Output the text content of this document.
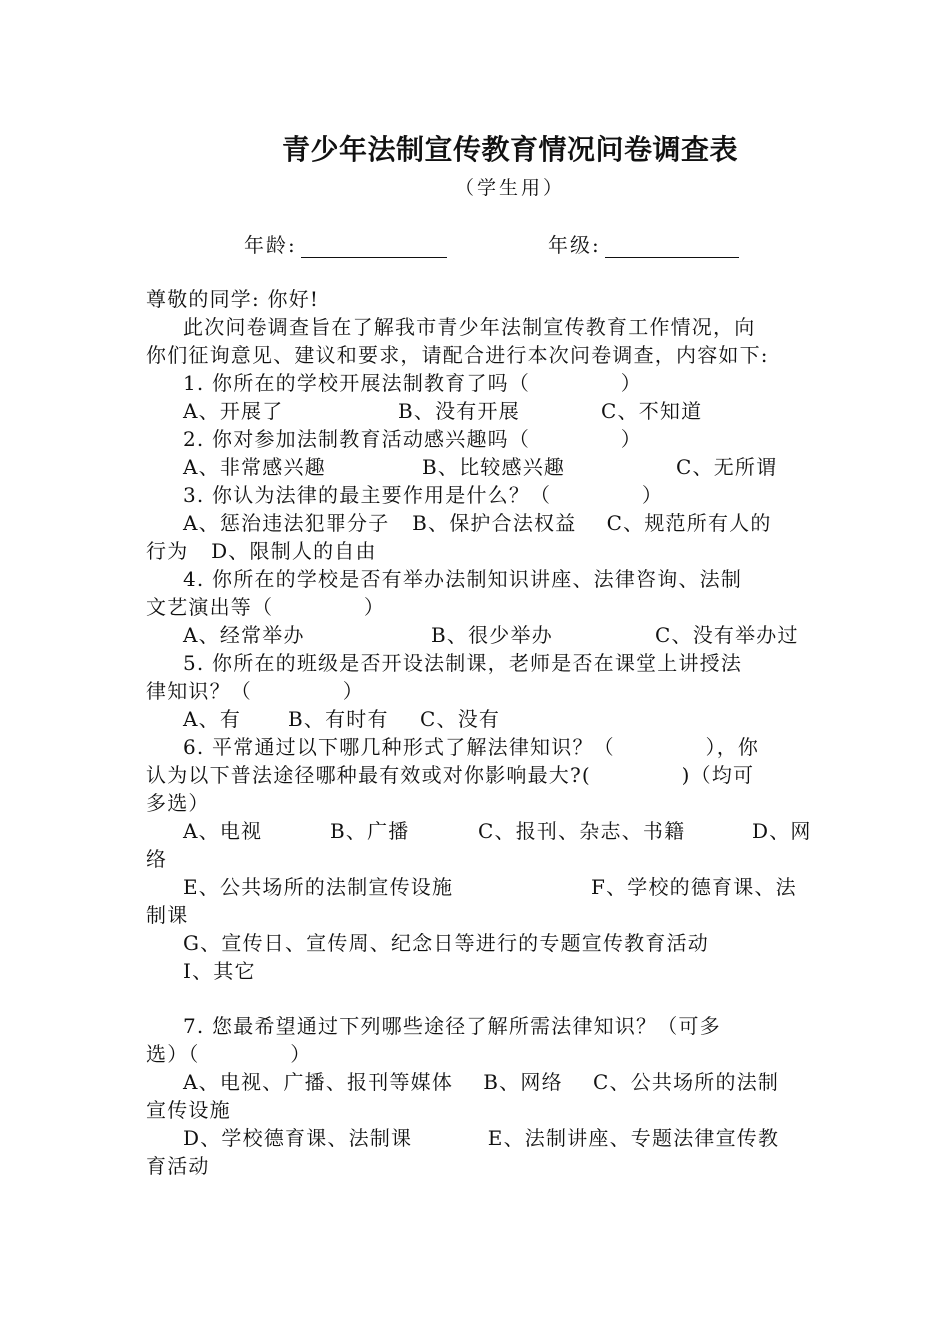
青少年法制宣传教育情况问卷调查表
（学生用）
年龄:	年级:
尊敬的同学: 你好!
此次问卷调查旨在了解我市青少年法制宣传教育工作情况，向
你们征询意见、建议和要求，请配合进行本次问卷调查，内容如下:
1. 你所在的学校开展法制教育了吗（            ）
A、开展了	B、没有开展	C、不知道
2. 你对参加法制教育活动感兴趣吗（            ）
A、非常感兴趣	B、比较感兴趣	C、无所谓
3. 你认为法律的最主要作用是什么？（            ）
A、惩治违法犯罪分子   B、保护合法权益    C、规范所有人的
行为   D、限制人的自由
4. 你所在的学校是否有举办法制知识讲座、法律咨询、法制
文艺演出等（            ）
A、经常举办	B、很少举办	C、没有举办过
5. 你所在的班级是否开设法制课，老师是否在课堂上讲授法
律知识？（            ）
A、有 B、有时有 C、没有
6. 平常通过以下哪几种形式了解法律知识？（            ），你
认为以下普法途径哪种最有效或对你影响最大?(            )（均可
多选）
A、电视	B、广播	C、报刊、杂志、书籍	D、网
络
E、公共场所的法制宣传设施	F、学校的德育课、法
制课
G、宣传日、宣传周、纪念日等进行的专题宣传教育活动
I、其它
7. 您最希望通过下列哪些途径了解所需法律知识？（可多
选）（            ）
A、电视、广播、报刊等媒体    B、网络    C、公共场所的法制
宣传设施
D、学校德育课、法制课          E、法制讲座、专题法律宣传教
育活动
